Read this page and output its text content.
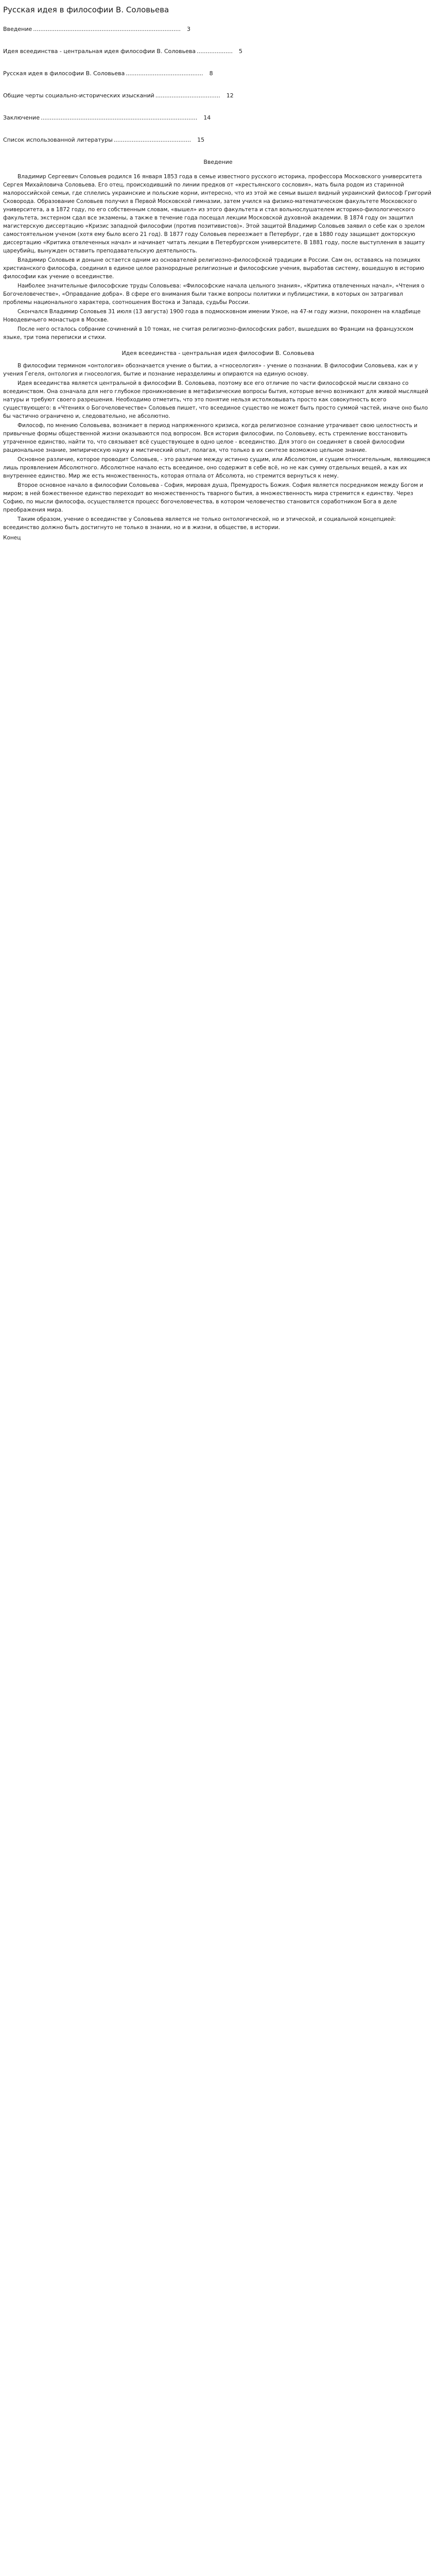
Русская идея в философии В. Соловьева
Введение .................................................................................. 3
Идея всеединства - центральная идея философии В. Соловьева .................... 5
Русская идея в философии В. Соловьева ........................................... 8
Общие черты социально-исторических изысканий .................................... 12
Заключение ....................................................................................... 14
Список использованной литературы ........................................... 15
Введение

Владимир Сергеевич Соловьев родился 16 января 1853 года в семье известного русского историка, профессора Московского университета Сергея Михайловича Соловьева. Его отец, происходивший по линии предков от «крестьянского сословия», мать была родом из старинной малороссийской семьи, где сплелись украинские и польские корни, интересно, что из этой же семьи вышел видный украинский философ Григорий Сковорода. Образование Соловьев получил в Первой Московской гимназии, затем учился на физико-математическом факультете Московского университета, а в 1872 году, по его собственным словам, «вышел» из этого факультета и стал вольнослушателем историко-филологического факультета, экстерном сдал все экзамены, а также в течение года посещал лекции Московской духовной академии. В 1874 году он защитил магистерскую диссертацию «Кризис западной философии (против позитивистов)». Этой защитой Владимир Соловьев заявил о себе как о зрелом самостоятельном ученом (хотя ему было всего 21 год). В 1877 году Соловьев переезжает в Петербург, где в 1880 году защищает докторскую диссертацию «Критика отвлеченных начал» и начинает читать лекции в Петербургском университете. В 1881 году, после выступления в защиту цареубийц, вынужден оставить преподавательскую деятельность.

Владимир Соловьев и доныне остается одним из основателей религиозно-философской традиции в России. Сам он, оставаясь на позициях христианского философа, соединил в единое целое разнородные религиозные и философские учения, выработав систему, вошедшую в историю философии как учение о всеединстве.

Наиболее значительные философские труды Соловьева: «Философские начала цельного знания», «Критика отвлеченных начал», «Чтения о Богочеловечестве», «Оправдание добра». В сфере его внимания были также вопросы политики и публицистики, в которых он затрагивал проблемы национального характера, соотношения Востока и Запада, судьбы России.

Скончался Владимир Соловьев 31 июля (13 августа) 1900 года в подмосковном имении Узкое, на 47-м году жизни, похоронен на кладбище Новодевичьего монастыря в Москве.

После него осталось собрание сочинений в 10 томах, не считая религиозно-философских работ, вышедших во Франции на французском языке, три тома переписки и стихи.

Идея всеединства - центральная идея философии В. Соловьева

В философии термином «онтология» обозначается учение о бытии, а «гносеология» - учение о познании. В философии Соловьева, как и у учения Гегеля, онтология и гносеология, бытие и познание неразделимы и опираются на единую основу.

Идея всеединства является центральной в философии В. Соловьева, поэтому все его отличие по части философской мысли связано со всеединством. Она означала для него глубокое проникновение в метафизические вопросы бытия, которые вечно возникают для живой мыслящей натуры и требуют своего разрешения. Необходимо отметить, что это понятие нельзя истолковывать просто как совокупность всего существующего: в «Чтениях о Богочеловечестве» Соловьев пишет, что всеединое существо не может быть просто суммой частей, иначе оно было бы частично ограничено и, следовательно, не абсолютно.

Философ, по мнению Соловьева, возникает в период напряженного кризиса, когда религиозное сознание утрачивает свою целостность и привычные формы общественной жизни оказываются под вопросом. Вся история философии, по Соловьеву, есть стремление восстановить утраченное единство, найти то, что связывает всё существующее в одно целое - всеединство. Для этого он соединяет в своей философии рациональное знание, эмпирическую науку и мистический опыт, полагая, что только в их синтезе возможно цельное знание.

Основное различие, которое проводит Соловьев, - это различие между истинно сущим, или Абсолютом, и сущим относительным, являющимся лишь проявлением Абсолютного. Абсолютное начало есть всеединое, оно содержит в себе всё, но не как сумму отдельных вещей, а как их внутреннее единство. Мир же есть множественность, которая отпала от Абсолюта, но стремится вернуться к нему.

Второе основное начало в философии Соловьева - София, мировая душа, Премудрость Божия. София является посредником между Богом и миром; в ней божественное единство переходит во множественность тварного бытия, а множественность мира стремится к единству. Через Софию, по мысли философа, осуществляется процесс богочеловечества, в котором человечество становится соработником Бога в деле преображения мира.

Таким образом, учение о всеединстве у Соловьева является не только онтологической, но и этической, и социальной концепцией: всеединство должно быть достигнуто не только в знании, но и в жизни, в обществе, в истории.

Конец
